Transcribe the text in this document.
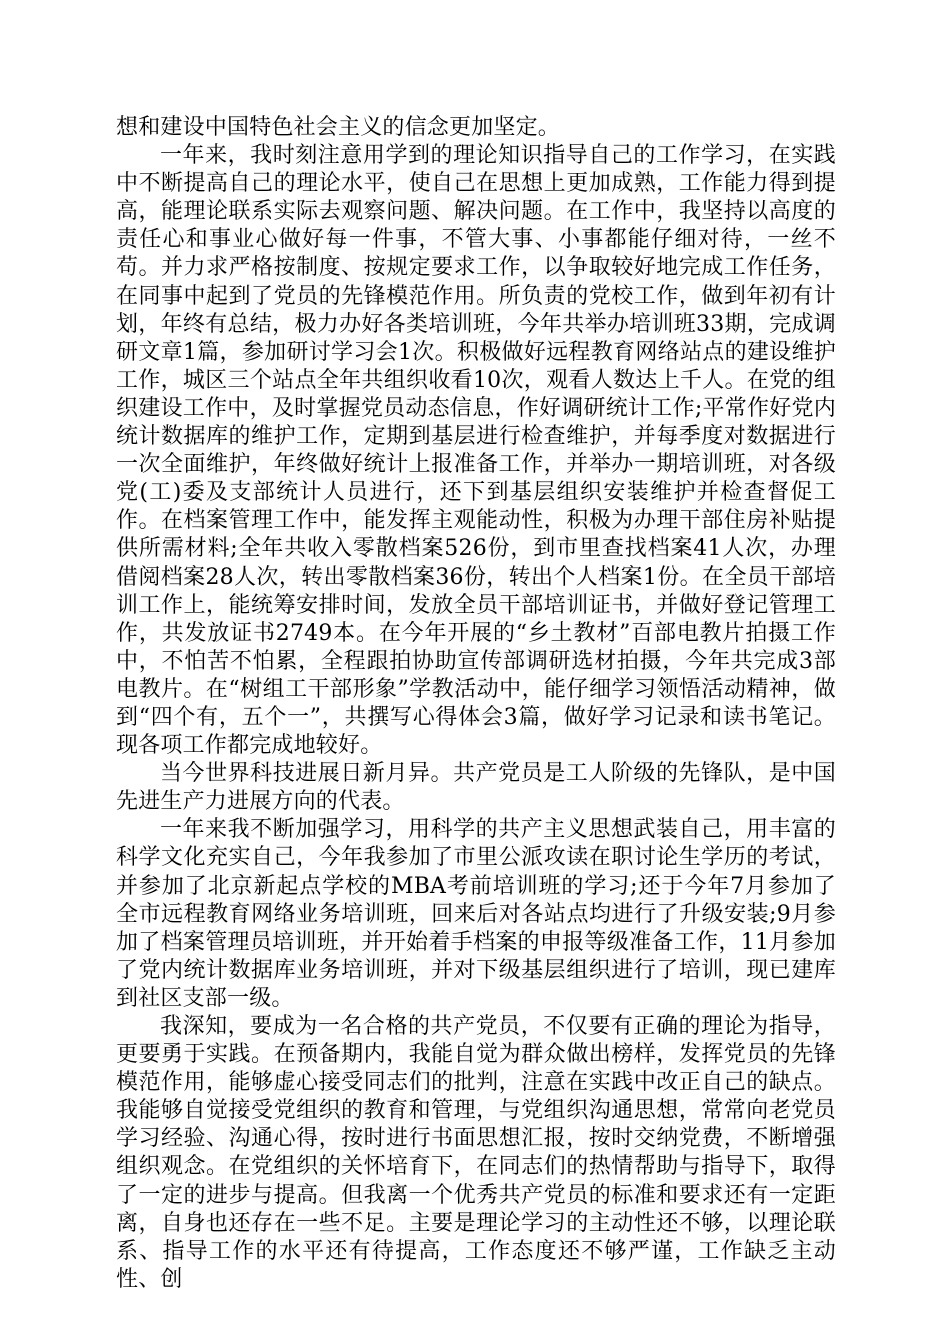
想和建设中国特色社会主义的信念更加坚定。

一年来，我时刻注意用学到的理论知识指导自己的工作学习，在实践中不断提高自己的理论水平，使自己在思想上更加成熟，工作能力得到提高，能理论联系实际去观察问题、解决问题。在工作中，我坚持以高度的责任心和事业心做好每一件事，不管大事、小事都能仔细对待，一丝不苟。并力求严格按制度、按规定要求工作，以争取较好地完成工作任务，在同事中起到了党员的先锋模范作用。所负责的党校工作，做到年初有计划，年终有总结，极力办好各类培训班，今年共举办培训班33期，完成调研文章1篇，参加研讨学习会1次。积极做好远程教育网络站点的建设维护工作，城区三个站点全年共组织收看10次，观看人数达上千人。在党的组织建设工作中，及时掌握党员动态信息，作好调研统计工作;平常作好党内统计数据库的维护工作，定期到基层进行检查维护，并每季度对数据进行一次全面维护，年终做好统计上报准备工作，并举办一期培训班，对各级党(工)委及支部统计人员进行，还下到基层组织安装维护并检查督促工作。在档案管理工作中，能发挥主观能动性，积极为办理干部住房补贴提供所需材料;全年共收入零散档案526份，到市里查找档案41人次，办理借阅档案28人次，转出零散档案36份，转出个人档案1份。在全员干部培训工作上，能统筹安排时间，发放全员干部培训证书，并做好登记管理工作，共发放证书2749本。在今年开展的“乡土教材”百部电教片拍摄工作中，不怕苦不怕累，全程跟拍协助宣传部调研选材拍摄，今年共完成3部电教片。在“树组工干部形象”学教活动中，能仔细学习领悟活动精神，做到“四个有，五个一”，共撰写心得体会3篇，做好学习记录和读书笔记。现各项工作都完成地较好。

当今世界科技进展日新月异。共产党员是工人阶级的先锋队，是中国先进生产力进展方向的代表。

一年来我不断加强学习，用科学的共产主义思想武装自己，用丰富的科学文化充实自己，今年我参加了市里公派攻读在职讨论生学历的考试，并参加了北京新起点学校的MBA考前培训班的学习;还于今年7月参加了全市远程教育网络业务培训班，回来后对各站点均进行了升级安装;9月参加了档案管理员培训班，并开始着手档案的申报等级准备工作，11月参加了党内统计数据库业务培训班，并对下级基层组织进行了培训，现已建库到社区支部一级。

我深知，要成为一名合格的共产党员，不仅要有正确的理论为指导，更要勇于实践。在预备期内，我能自觉为群众做出榜样，发挥党员的先锋模范作用，能够虚心接受同志们的批判，注意在实践中改正自己的缺点。我能够自觉接受党组织的教育和管理，与党组织沟通思想，常常向老党员学习经验、沟通心得，按时进行书面思想汇报，按时交纳党费，不断增强组织观念。在党组织的关怀培育下，在同志们的热情帮助与指导下，取得了一定的进步与提高。但我离一个优秀共产党员的标准和要求还有一定距离，自身也还存在一些不足。主要是理论学习的主动性还不够，以理论联系、指导工作的水平还有待提高，工作态度还不够严谨，工作缺乏主动性、创
